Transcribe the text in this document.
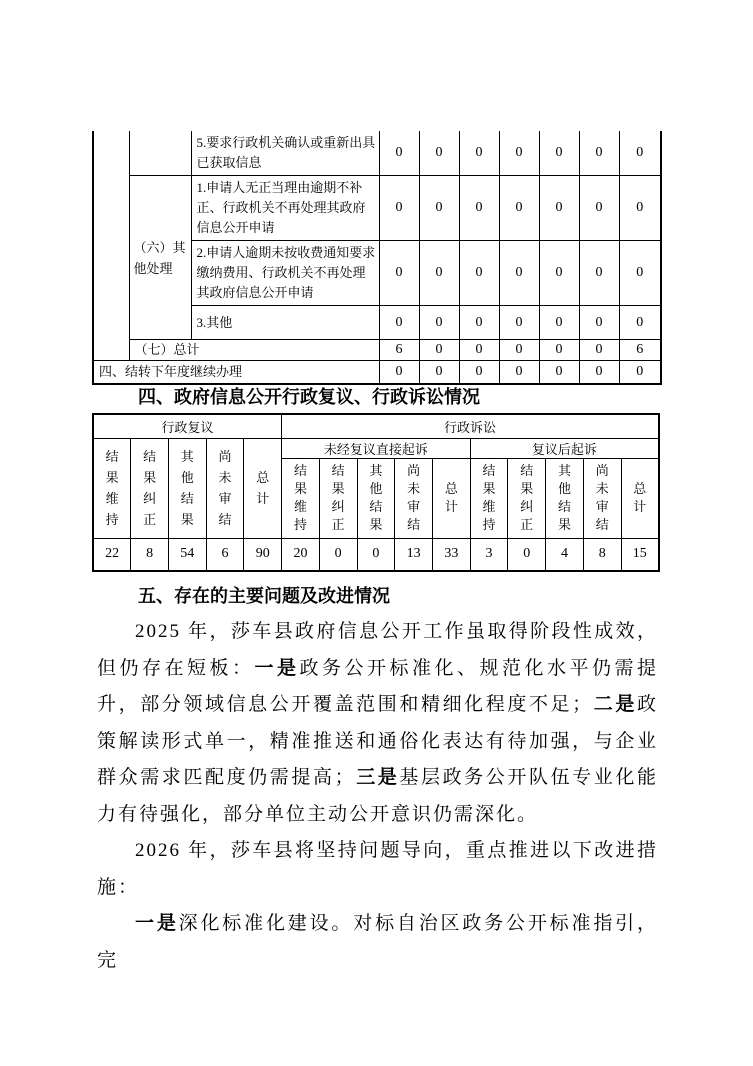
		5.要求行政机关确认或重新出具已获取信息	0	0	0	0	0	0	0
	（六）其他处理	1.申请人无正当理由逾期不补正、行政机关不再处理其政府信息公开申请	0	0	0	0	0	0	0
		2.申请人逾期未按收费通知要求缴纳费用、行政机关不再处理其政府信息公开申请	0	0	0	0	0	0	0
		3.其他	0	0	0	0	0	0	0
	（七）总计		6	0	0	0	0	0	6
四、结转下年度继续办理			0	0	0	0	0	0	0
四、政府信息公开行政复议、行政诉讼情况
行政复议					行政诉讼									

结果维持	结果纠正	其他结果	尚未审结	总计	未经复议直接起诉					复议后起诉				

					结果维持	结果纠正	其他结果	尚未审结	总计	结果维持	结果纠正	其他结果	尚未审结	总计

22	8	54	6	90	20	0	0	13	33	3	0	4	8	15
五、存在的主要问题及改进情况

2025 年，莎车县政府信息公开工作虽取得阶段性成效，但仍存在短板：一是政务公开标准化、规范化水平仍需提升，部分领域信息公开覆盖范围和精细化程度不足；二是政策解读形式单一，精准推送和通俗化表达有待加强，与企业群众需求匹配度仍需提高；三是基层政务公开队伍专业化能力有待强化，部分单位主动公开意识仍需深化。

2026 年，莎车县将坚持问题导向，重点推进以下改进措施：

一是深化标准化建设。对标自治区政务公开标准指引，完
